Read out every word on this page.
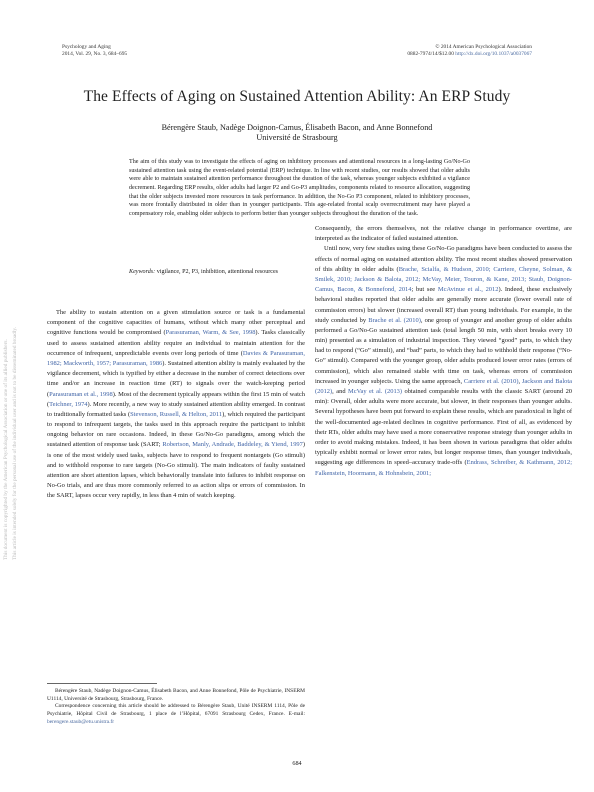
Psychology and Aging
2014, Vol. 29, No. 3, 684–695
© 2014 American Psychological Association
0882-7974/14/$12.00 http://dx.doi.org/10.1037/a0037067
The Effects of Aging on Sustained Attention Ability: An ERP Study
Bérengère Staub, Nadège Doignon-Camus, Élisabeth Bacon, and Anne Bonnefond
Université de Strasbourg
The aim of this study was to investigate the effects of aging on inhibitory processes and attentional resources in a long-lasting Go/No-Go sustained attention task using the event-related potential (ERP) technique. In line with recent studies, our results showed that older adults were able to maintain sustained attention performance throughout the duration of the task, whereas younger subjects exhibited a vigilance decrement. Regarding ERP results, older adults had larger P2 and Go-P3 amplitudes, components related to resource allocation, suggesting that the older subjects invested more resources in task performance. In addition, the No-Go P3 component, related to inhibitory processes, was more frontally distributed in older than in younger participants. This age-related frontal scalp overrecruitment may have played a compensatory role, enabling older subjects to perform better than younger subjects throughout the duration of the task.
Keywords: vigilance, P2, P3, inhibition, attentional resources

The ability to sustain attention on a given stimulation source or task is a fundamental component of the cognitive capacities of humans, without which many other perceptual and cognitive functions would be compromised (Parasuraman, Warm, & See, 1998). Tasks classically used to assess sustained attention ability require an individual to maintain attention for the occurrence of infrequent, unpredictable events over long periods of time (Davies & Parasuraman, 1982; Mackworth, 1957; Parasuraman, 1986). Sustained attention ability is mainly evaluated by the vigilance decrement, which is typified by either a decrease in the number of correct detections over time and/or an increase in reaction time (RT) to signals over the watch-keeping period (Parasuraman et al., 1998). Most of the decrement typically appears within the first 15 min of watch (Teichner, 1974). More recently, a new way to study sustained attention ability emerged. In contrast to traditionally formatted tasks (Stevenson, Russell, & Helton, 2011), which required the participant to respond to infrequent targets, the tasks used in this approach require the participant to inhibit ongoing behavior on rare occasions. Indeed, in these Go/No-Go paradigms, among which the sustained attention of response task (SART; Robertson, Manly, Andrade, Baddeley, & Yiend, 1997) is one of the most widely used tasks, subjects have to respond to frequent nontargets (Go stimuli) and to withhold response to rare targets (No-Go stimuli). The main indicators of faulty sustained attention are short attention lapses, which behaviorally translate into failures to inhibit response on No-Go trials, and are thus more commonly referred to as action slips or errors of commission. In the SART, lapses occur very rapidly, in less than 4 min of watch keeping.

Consequently, the errors themselves, not the relative change in performance overtime, are interpreted as the indicator of failed sustained attention.

Until now, very few studies using these Go/No-Go paradigms have been conducted to assess the effects of normal aging on sustained attention ability. The most recent studies showed preservation of this ability in older adults (Brache, Scialfa, & Hudson, 2010; Carriere, Cheyne, Solman, & Smilek, 2010; Jackson & Balota, 2012; McVay, Meier, Touron, & Kane, 2013; Staub, Doignon-Camus, Bacon, & Bonnefond, 2014; but see McAvinue et al., 2012). Indeed, these exclusively behavioral studies reported that older adults are generally more accurate (lower overall rate of commission errors) but slower (increased overall RT) than young individuals. For example, in the study conducted by Brache et al. (2010), one group of younger and another group of older adults performed a Go/No-Go sustained attention task (total length 50 min, with short breaks every 10 min) presented as a simulation of industrial inspection. They viewed “good” parts, to which they had to respond (“Go” stimuli), and “bad” parts, to which they had to withhold their response (“No-Go” stimuli). Compared with the younger group, older adults produced lower error rates (errors of commission), which also remained stable with time on task, whereas errors of commission increased in younger subjects. Using the same approach, Carriere et al. (2010), Jackson and Balota (2012), and McVay et al. (2013) obtained comparable results with the classic SART (around 20 min): Overall, older adults were more accurate, but slower, in their responses than younger adults. Several hypotheses have been put forward to explain these results, which are paradoxical in light of the well-documented age-related declines in cognitive performance. First of all, as evidenced by their RTs, older adults may have used a more conservative response strategy than younger adults in order to avoid making mistakes. Indeed, it has been shown in various paradigms that older adults typically exhibit normal or lower error rates, but longer response times, than younger individuals, suggesting age differences in speed–accuracy trade-offs (Endrass, Schreiber, & Kathmann, 2012; Falkenstein, Hoormann, & Hohnsbein, 2001;

Bérengère Staub, Nadège Doignon-Camus, Élisabeth Bacon, and Anne Bonnefond, Pôle de Psychiatrie, INSERM U1114, Université de Strasbourg, Strasbourg, France.

Correspondence concerning this article should be addressed to Bérengère Staub, Unité INSERM 1114, Pôle de Psychiatrie, Hôpital Civil de Strasbourg, 1 place de l’Hôpital, 67091 Strasbourg Cedex, France. E-mail: berengere.staub@etu.unistra.fr

684
This document is copyrighted by the American Psychological Association or one of its allied publishers. This article is intended solely for the personal use of the individual user and is not to be disseminated broadly.
